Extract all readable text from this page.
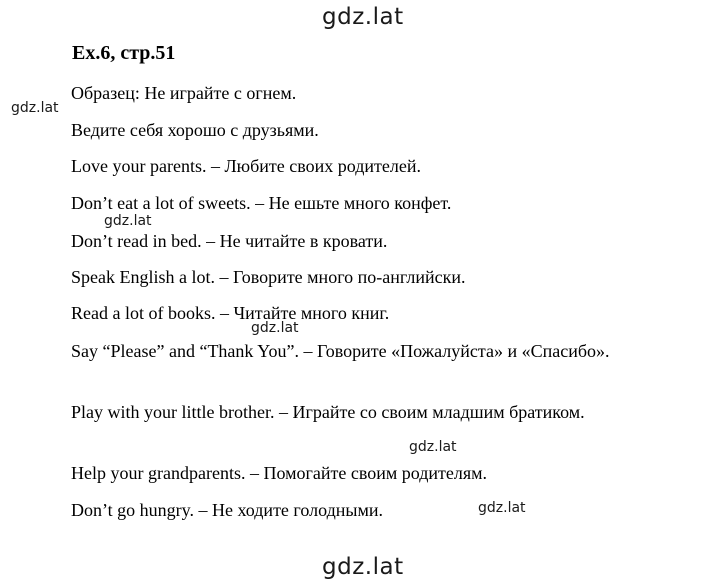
gdz.lat
Ex.6, стр.51
gdz.lat
Образец: Не играйте с огнем.
Ведите себя хорошо с друзьями.
Love your parents. – Любите своих родителей.
Don’t eat a lot of sweets. – Не ешьте много конфет.
gdz.lat
Don’t read in bed. – Не читайте в кровати.
Speak English a lot. – Говорите много по-английски.
Read a lot of books. – Читайте много книг.
gdz.lat
Say “Please” and “Thank You”. – Говорите «Пожалуйста» и «Спасибо».
Play with your little brother. – Играйте со своим младшим братиком.
gdz.lat
Help your grandparents. – Помогайте своим родителям.
Don’t go hungry. – Не ходите голодными.	gdz.lat
gdz.lat
